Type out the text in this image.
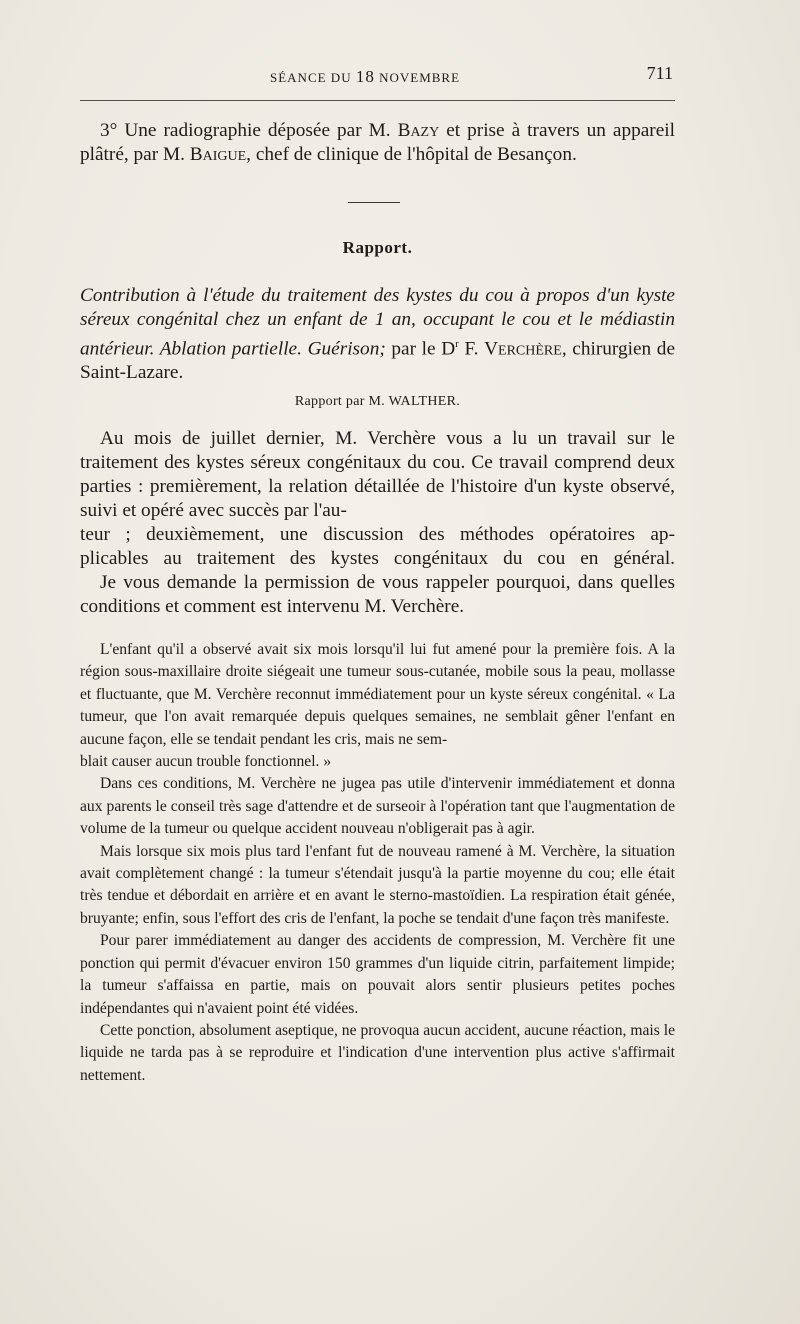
SÉANCE DU 18 NOVEMBRE	711

3° Une radiographie déposée par M. Bazy et prise à travers un appareil plâtré, par M. Baigue, chef de clinique de l'hôpital de Besançon.

Rapport.
Contribution à l'étude du traitement des kystes du cou à propos d'un kyste séreux congénital chez un enfant de 1 an, occupant le cou et le médiastin antérieur. Ablation partielle. Guérison; par le $D^r$ F. Verchère, chirurgien de Saint-Lazare.
Rapport par M. WALTHER.

Au mois de juillet dernier, M. Verchère vous a lu un travail sur le traitement des kystes séreux congénitaux du cou. Ce travail comprend deux parties : premièrement, la relation détaillée de l'histoire d'un kyste observé, suivi et opéré avec succès par l'au-

teur ; deuxièmement, une discussion des méthodes opératoires ap-

plicables au traitement des kystes congénitaux du cou en général.

Je vous demande la permission de vous rappeler pourquoi, dans quelles conditions et comment est intervenu M. Verchère.

L'enfant qu'il a observé avait six mois lorsqu'il lui fut amené pour la première fois. A la région sous-maxillaire droite siégeait une tumeur sous-cutanée, mobile sous la peau, mollasse et fluctuante, que M. Verchère reconnut immédiatement pour un kyste séreux congénital. « La tumeur, que l'on avait remarquée depuis quelques semaines, ne semblait gêner l'enfant en aucune façon, elle se tendait pendant les cris, mais ne sem-

blait causer aucun trouble fonctionnel. »

Dans ces conditions, M. Verchère ne jugea pas utile d'intervenir immédiatement et donna aux parents le conseil très sage d'attendre et de surseoir à l'opération tant que l'augmentation de volume de la tumeur ou quelque accident nouveau n'obligerait pas à agir.

Mais lorsque six mois plus tard l'enfant fut de nouveau ramené à M. Verchère, la situation avait complètement changé : la tumeur s'étendait jusqu'à la partie moyenne du cou; elle était très tendue et débordait en arrière et en avant le sterno-mastoïdien. La respiration était génée, bruyante; enfin, sous l'effort des cris de l'enfant, la poche se tendait d'une façon très manifeste.

Pour parer immédiatement au danger des accidents de compression, M. Verchère fit une ponction qui permit d'évacuer environ 150 grammes d'un liquide citrin, parfaitement limpide; la tumeur s'affaissa en partie, mais on pouvait alors sentir plusieurs petites poches indépendantes qui n'avaient point été vidées.

Cette ponction, absolument aseptique, ne provoqua aucun accident, aucune réaction, mais le liquide ne tarda pas à se reproduire et l'indication d'une intervention plus active s'affirmait nettement.
